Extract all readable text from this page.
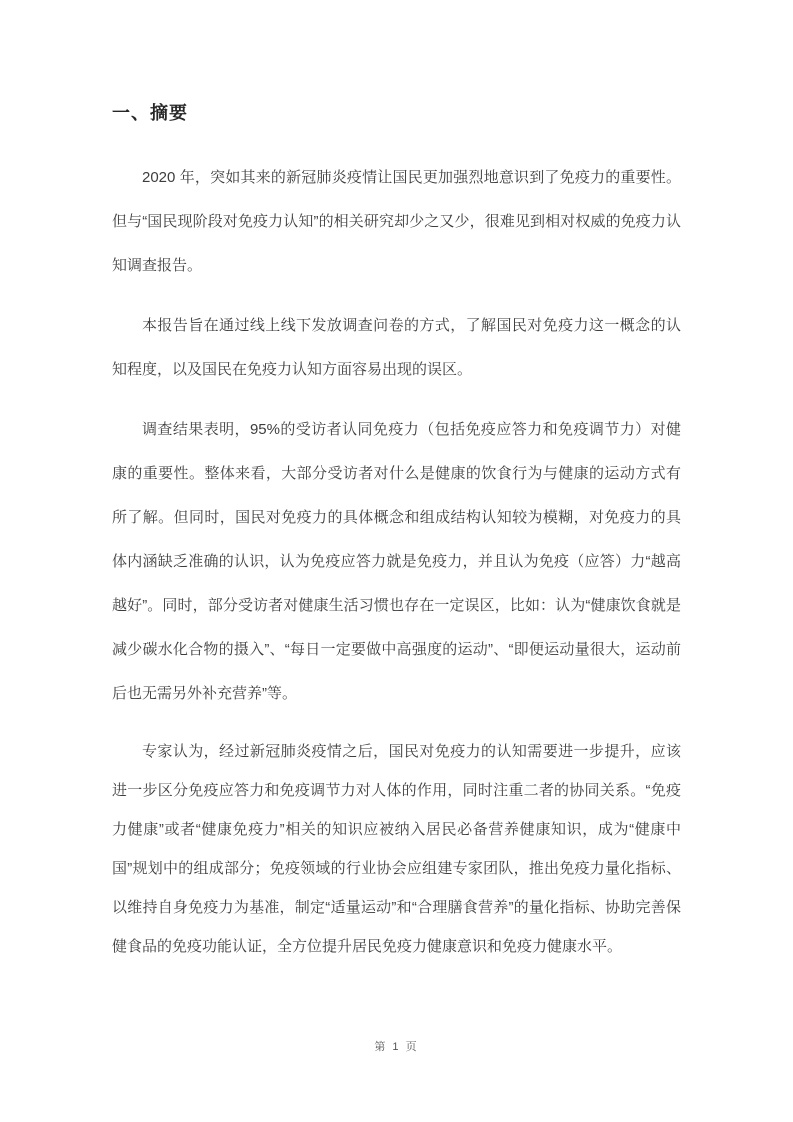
一、摘要

2020 年，突如其来的新冠肺炎疫情让国民更加强烈地意识到了免疫力的重要性。但与“国民现阶段对免疫力认知”的相关研究却少之又少，很难见到相对权威的免疫力认知调查报告。

本报告旨在通过线上线下发放调查问卷的方式，了解国民对免疫力这一概念的认知程度，以及国民在免疫力认知方面容易出现的误区。

调查结果表明，95%的受访者认同免疫力（包括免疫应答力和免疫调节力）对健康的重要性。整体来看，大部分受访者对什么是健康的饮食行为与健康的运动方式有所了解。但同时，国民对免疫力的具体概念和组成结构认知较为模糊，对免疫力的具体内涵缺乏准确的认识，认为免疫应答力就是免疫力，并且认为免疫（应答）力“越高越好”。同时，部分受访者对健康生活习惯也存在一定误区，比如：认为“健康饮食就是减少碳水化合物的摄入”、“每日一定要做中高强度的运动”、“即便运动量很大，运动前后也无需另外补充营养”等。

专家认为，经过新冠肺炎疫情之后，国民对免疫力的认知需要进一步提升，应该进一步区分免疫应答力和免疫调节力对人体的作用，同时注重二者的协同关系。“免疫力健康”或者“健康免疫力”相关的知识应被纳入居民必备营养健康知识，成为“健康中国”规划中的组成部分；免疫领域的行业协会应组建专家团队，推出免疫力量化指标、以维持自身免疫力为基准，制定“适量运动”和“合理膳食营养”的量化指标、协助完善保健食品的免疫功能认证，全方位提升居民免疫力健康意识和免疫力健康水平。

第 1 页
